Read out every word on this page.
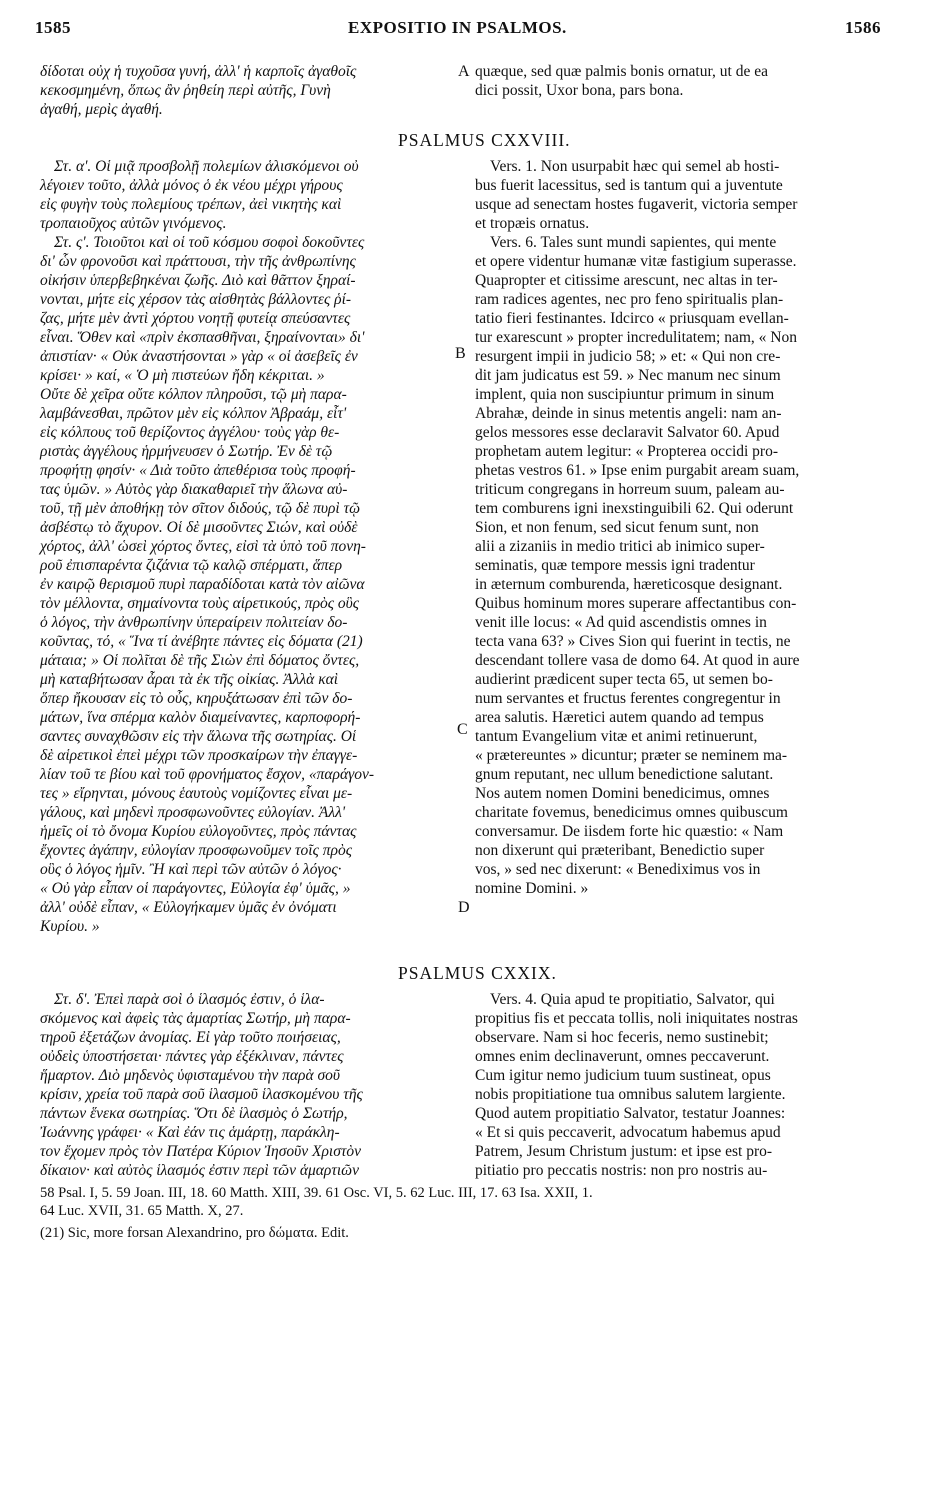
1585	EXPOSITIO IN PSALMOS.	1586
δίδοται οὐχ ἡ τυχοῦσα γυνή, ἀλλ' ἡ καρποῖς ἀγαθοῖς
κεκοσμημένη, ὅπως ἂν ῥηθείη περὶ αὐτῆς, Γυνὴ
ἀγαθή, μερὶς ἀγαθή.
Στ. α'. Οἱ μιᾷ προσβολῇ πολεμίων ἁλισκόμενοι οὐ
λέγοιεν τοῦτο, ἀλλὰ μόνος ὁ ἐκ νέου μέχρι γήρους
εἰς φυγὴν τοὺς πολεμίους τρέπων, ἀεὶ νικητὴς καὶ
τροπαιοῦχος αὐτῶν γινόμενος.
Στ. ς'. Τοιοῦτοι καὶ οἱ τοῦ κόσμου σοφοὶ δοκοῦντες
δι' ὧν φρονοῦσι καὶ πράττουσι, τὴν τῆς ἀνθρωπίνης
οἰκήσιν ὑπερβεβηκέναι ζωῆς. Διὸ καὶ θᾶττον ξηραί-
νονται, μήτε εἰς χέρσον τὰς αἰσθητὰς βάλλοντες ῥί-
ζας, μήτε μὲν ἀντὶ χόρτου νοητῇ φυτείᾳ σπεύσαντες
εἶναι. Ὅθεν καὶ «πρὶν ἐκσπασθῆναι, ξηραίνονται» δι'
ἀπιστίαν· « Οὐκ ἀναστήσονται » γὰρ « οἱ ἀσεβεῖς ἐν
κρίσει· » καί, « Ὁ μὴ πιστεύων ἤδη κέκριται. »
Οὔτε δὲ χεῖρα οὔτε κόλπον πληροῦσι, τῷ μὴ παρα-
λαμβάνεσθαι, πρῶτον μὲν εἰς κόλπον Ἀβραάμ, εἶτ'
εἰς κόλπους τοῦ θερίζοντος ἀγγέλου· τοὺς γὰρ θε-
ριστὰς ἀγγέλους ἡρμήνευσεν ὁ Σωτήρ. Ἐν δὲ τῷ
προφήτῃ φησίν· « Διὰ τοῦτο ἀπεθέρισα τοὺς προφή-
τας ὑμῶν. » Αὐτὸς γὰρ διακαθαριεῖ τὴν ἅλωνα αὐ-
τοῦ, τῇ μὲν ἀποθήκῃ τὸν σῖτον διδούς, τῷ δὲ πυρὶ τῷ
ἀσβέστῳ τὸ ἄχυρον. Οἱ δὲ μισοῦντες Σιών, καὶ οὐδὲ
χόρτος, ἀλλ' ὡσεὶ χόρτος ὄντες, εἰσὶ τὰ ὑπὸ τοῦ πονη-
ροῦ ἐπισπαρέντα ζιζάνια τῷ καλῷ σπέρματι, ἅπερ
ἐν καιρῷ θερισμοῦ πυρὶ παραδίδοται κατὰ τὸν αἰῶνα
τὸν μέλλοντα, σημαίνοντα τοὺς αἱρετικούς, πρὸς οὓς
ὁ λόγος, τὴν ἀνθρωπίνην ὑπεραίρειν πολιτείαν δο-
κοῦντας, τό, « Ἵνα τί ἀνέβητε πάντες εἰς δόματα (21)
μάταια; » Οἱ πολῖται δὲ τῆς Σιὼν ἐπὶ δόματος ὄντες,
μὴ καταβήτωσαν ἆραι τὰ ἐκ τῆς οἰκίας. Ἀλλὰ καὶ
ὅπερ ἤκουσαν εἰς τὸ οὖς, κηρυξάτωσαν ἐπὶ τῶν δο-
μάτων, ἵνα σπέρμα καλὸν διαμείναντες, καρποφορή-
σαντες συναχθῶσιν εἰς τὴν ἅλωνα τῆς σωτηρίας. Οἱ
δὲ αἱρετικοὶ ἐπεὶ μέχρι τῶν προσκαίρων τὴν ἐπαγγε-
λίαν τοῦ τε βίου καὶ τοῦ φρονήματος ἔσχον, «παράγον-
τες » εἴρηνται, μόνους ἑαυτοὺς νομίζοντες εἶναι με-
γάλους, καὶ μηδενὶ προσφωνοῦντες εὐλογίαν. Ἀλλ'
ἡμεῖς οἱ τὸ ὄνομα Κυρίου εὐλογοῦντες, πρὸς πάντας
ἔχοντες ἀγάπην, εὐλογίαν προσφωνοῦμεν τοῖς πρὸς
οὓς ὁ λόγος ἡμῖν. Ἢ καὶ περὶ τῶν αὐτῶν ὁ λόγος·
« Οὐ γὰρ εἶπαν οἱ παράγοντες, Εὐλογία ἐφ' ὑμᾶς, »
ἀλλ' οὐδὲ εἶπαν, « Εὐλογήκαμεν ὑμᾶς ἐν ὀνόματι
Κυρίου. »
PSALMUS CXXVIII.
A
B
C
D
quæque, sed quæ palmis bonis ornatur, ut de ea
dici possit, Uxor bona, pars bona.
Vers. 1. Non usurpabit hæc qui semel ab hosti-
bus fuerit lacessitus, sed is tantum qui a juventute
usque ad senectam hostes fugaverit, victoria semper
et tropæis ornatus.
Vers. 6. Tales sunt mundi sapientes, qui mente
et opere videntur humanæ vitæ fastigium superasse.
Quapropter et citissime arescunt, nec altas in ter-
ram radices agentes, nec pro feno spiritualis plan-
tatio fieri festinantes. Idcirco « priusquam evellan-
tur exarescunt » propter incredulitatem; nam, « Non
resurgent impii in judicio 58; » et: « Qui non cre-
dit jam judicatus est 59. » Nec manum nec sinum
implent, quia non suscipiuntur primum in sinum
Abrahæ, deinde in sinus metentis angeli: nam an-
gelos messores esse declaravit Salvator 60. Apud
prophetam autem legitur: « Propterea occidi pro-
phetas vestros 61. » Ipse enim purgabit aream suam,
triticum congregans in horreum suum, paleam au-
tem comburens igni inexstinguibili 62. Qui oderunt
Sion, et non fenum, sed sicut fenum sunt, non
alii a zizaniis in medio tritici ab inimico super-
seminatis, quæ tempore messis igni tradentur
in æternum comburenda, hæreticosque designant.
Quibus hominum mores superare affectantibus con-
venit ille locus: « Ad quid ascendistis omnes in
tecta vana 63? » Cives Sion qui fuerint in tectis, ne
descendant tollere vasa de domo 64. At quod in aure
audierint prædicent super tecta 65, ut semen bo-
num servantes et fructus ferentes congregentur in
area salutis. Hæretici autem quando ad tempus
tantum Evangelium vitæ et animi retinuerunt,
« prætereuntes » dicuntur; præter se neminem ma-
gnum reputant, nec ullum benedictione salutant.
Nos autem nomen Domini benedicimus, omnes
charitate fovemus, benedicimus omnes quibuscum
conversamur. De iisdem forte hic quæstio: « Nam
non dixerunt qui præteribant, Benedictio super
vos, » sed nec dixerunt: « Benediximus vos in
nomine Domini. »
PSALMUS CXXIX.
Στ. δ'. Ἐπεὶ παρὰ σοὶ ὁ ἱλασμός ἐστιν, ὁ ἱλα-
σκόμενος καὶ ἀφεὶς τὰς ἁμαρτίας Σωτήρ, μὴ παρα-
τηροῦ ἐξετάζων ἀνομίας. Εἰ γὰρ τοῦτο ποιήσειας,
οὐδεὶς ὑποστήσεται· πάντες γὰρ ἐξέκλιναν, πάντες
ἥμαρτον. Διὸ μηδενὸς ὑφισταμένου τὴν παρὰ σοῦ
κρίσιν, χρεία τοῦ παρὰ σοῦ ἱλασμοῦ ἱλασκομένου τῆς
πάντων ἕνεκα σωτηρίας. Ὅτι δὲ ἱλασμὸς ὁ Σωτήρ,
Ἰωάννης γράφει· « Καὶ ἐάν τις ἁμάρτῃ, παράκλη-
τον ἔχομεν πρὸς τὸν Πατέρα Κύριον Ἰησοῦν Χριστὸν
δίκαιον· καὶ αὐτὸς ἱλασμός ἐστιν περὶ τῶν ἁμαρτιῶν
Vers. 4. Quia apud te propitiatio, Salvator, qui
propitius fis et peccata tollis, noli iniquitates nostras
observare. Nam si hoc feceris, nemo sustinebit;
omnes enim declinaverunt, omnes peccaverunt.
Cum igitur nemo judicium tuum sustineat, opus
nobis propitiatione tua omnibus salutem largiente.
Quod autem propitiatio Salvator, testatur Joannes:
« Et si quis peccaverit, advocatum habemus apud
Patrem, Jesum Christum justum: et ipse est pro-
pitiatio pro peccatis nostris: non pro nostris au-
58 Psal. I, 5. 59 Joan. III, 18. 60 Matth. XIII, 39. 61 Osc. VI, 5. 62 Luc. III, 17. 63 Isa. XXII, 1.
64 Luc. XVII, 31. 65 Matth. X, 27.
(21) Sic, more forsan Alexandrino, pro δώματα. Edit.
